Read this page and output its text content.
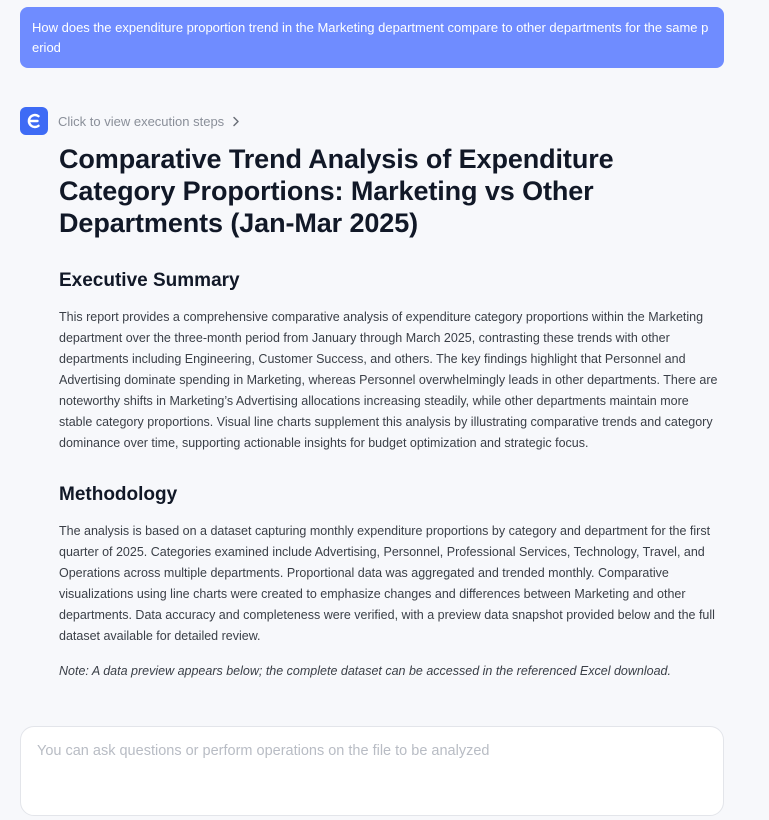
How does the expenditure proportion trend in the Marketing department compare to other departments for the same period
Click to view execution steps
Comparative Trend Analysis of Expenditure Category Proportions: Marketing vs Other Departments (Jan-Mar 2025)
Executive Summary

This report provides a comprehensive comparative analysis of expenditure category proportions within the Marketing department over the three-month period from January through March 2025, contrasting these trends with other departments including Engineering, Customer Success, and others. The key findings highlight that Personnel and Advertising dominate spending in Marketing, whereas Personnel overwhelmingly leads in other departments. There are noteworthy shifts in Marketing’s Advertising allocations increasing steadily, while other departments maintain more stable category proportions. Visual line charts supplement this analysis by illustrating comparative trends and category dominance over time, supporting actionable insights for budget optimization and strategic focus.

Methodology

The analysis is based on a dataset capturing monthly expenditure proportions by category and department for the first quarter of 2025. Categories examined include Advertising, Personnel, Professional Services, Technology, Travel, and Operations across multiple departments. Proportional data was aggregated and trended monthly. Comparative visualizations using line charts were created to emphasize changes and differences between Marketing and other departments. Data accuracy and completeness were verified, with a preview data snapshot provided below and the full dataset available for detailed review.

Note: A data preview appears below; the complete dataset can be accessed in the referenced Excel download.

You can ask questions or perform operations on the file to be analyzed
